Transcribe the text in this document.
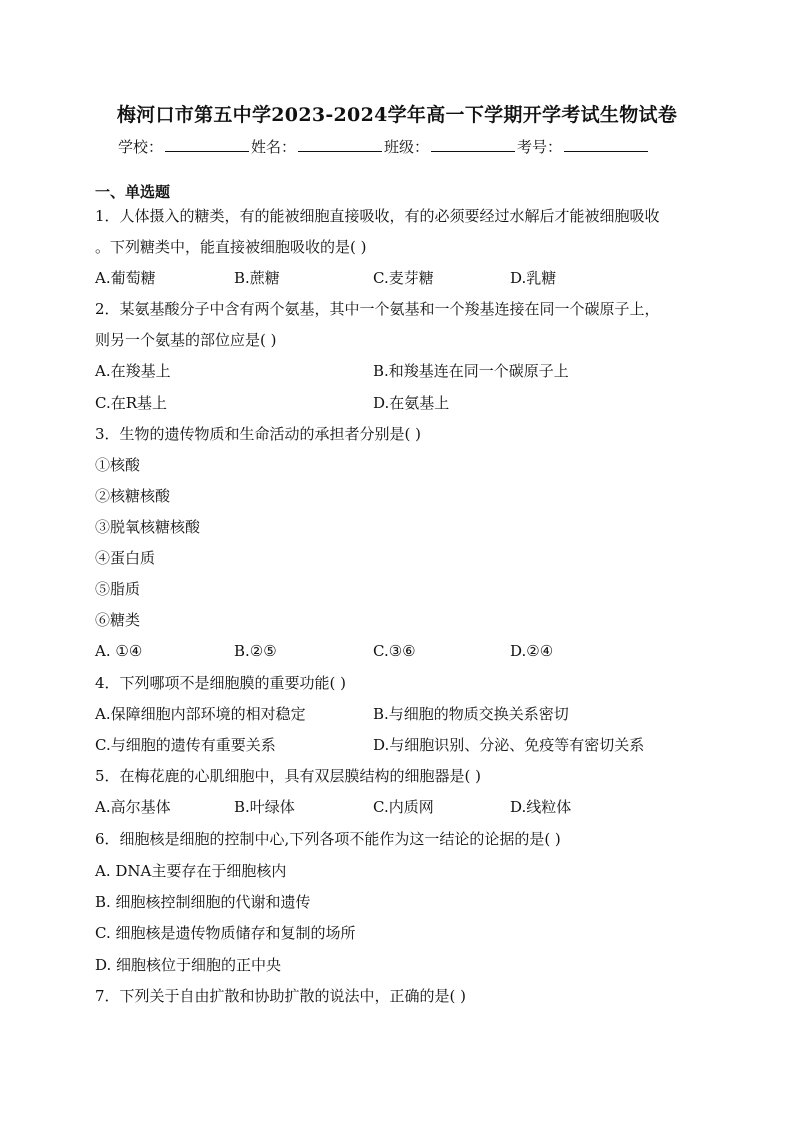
梅河口市第五中学2023-2024学年高一下学期开学考试生物试卷
学校：	姓名：	班级：	考号：
一、单选题
1．人体摄入的糖类，有的能被细胞直接吸收，有的必须要经过水解后才能被细胞吸收
。下列糖类中，能直接被细胞吸收的是( )
A.葡萄糖	B.蔗糖	C.麦芽糖	D.乳糖
2．某氨基酸分子中含有两个氨基，其中一个氨基和一个羧基连接在同一个碳原子上，
则另一个氨基的部位应是( )
A.在羧基上	B.和羧基连在同一个碳原子上
C.在R基上	D.在氨基上
3．生物的遗传物质和生命活动的承担者分别是( )
①核酸
②核糖核酸
③脱氧核糖核酸
④蛋白质
⑤脂质
⑥糖类
A. ①④	B.②⑤	C.③⑥	D.②④
4．下列哪项不是细胞膜的重要功能( )
A.保障细胞内部环境的相对稳定	B.与细胞的物质交换关系密切
C.与细胞的遗传有重要关系	D.与细胞识别、分泌、免疫等有密切关系
5．在梅花鹿的心肌细胞中，具有双层膜结构的细胞器是( )
A.高尔基体	B.叶绿体	C.内质网	D.线粒体
6．细胞核是细胞的控制中心,下列各项不能作为这一结论的论据的是( )
A. DNA主要存在于细胞核内
B. 细胞核控制细胞的代谢和遗传
C. 细胞核是遗传物质储存和复制的场所
D. 细胞核位于细胞的正中央
7．下列关于自由扩散和协助扩散的说法中，正确的是( )
